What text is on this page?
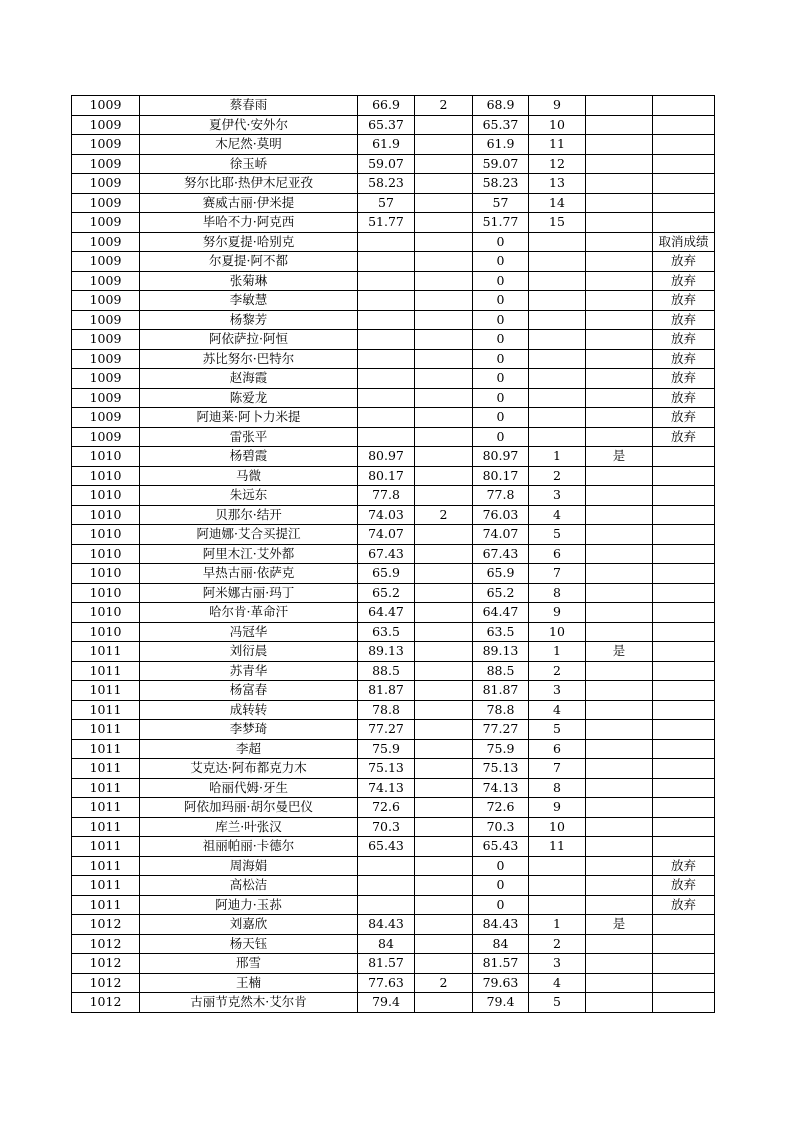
1009	蔡春雨	66.9	2	68.9	9		
1009	夏伊代·安外尔	65.37		65.37	10		
1009	木尼然·莫明	61.9		61.9	11		
1009	徐玉峤	59.07		59.07	12		
1009	努尔比耶·热伊木尼亚孜	58.23		58.23	13		
1009	赛威古丽·伊米提	57		57	14		
1009	毕哈不力·阿克西	51.77		51.77	15		
1009	努尔夏提·哈别克			0			取消成绩
1009	尔夏提·阿不都			0			放弃
1009	张菊琳			0			放弃
1009	李敏慧			0			放弃
1009	杨黎芳			0			放弃
1009	阿依萨拉·阿恒			0			放弃
1009	苏比努尔·巴特尔			0			放弃
1009	赵海霞			0			放弃
1009	陈爱龙			0			放弃
1009	阿迪莱·阿卜力米提			0			放弃
1009	雷张平			0			放弃
1010	杨碧霞	80.97		80.97	1	是	
1010	马微	80.17		80.17	2		
1010	朱远东	77.8		77.8	3		
1010	贝那尔·结开	74.03	2	76.03	4		
1010	阿迪娜·艾合买提江	74.07		74.07	5		
1010	阿里木江·艾外都	67.43		67.43	6		
1010	早热古丽·依萨克	65.9		65.9	7		
1010	阿米娜古丽·玛丁	65.2		65.2	8		
1010	哈尔肯·革命汗	64.47		64.47	9		
1010	冯冠华	63.5		63.5	10		
1011	刘衍晨	89.13		89.13	1	是	
1011	苏青华	88.5		88.5	2		
1011	杨富春	81.87		81.87	3		
1011	成转转	78.8		78.8	4		
1011	李梦琦	77.27		77.27	5		
1011	李超	75.9		75.9	6		
1011	艾克达·阿布都克力木	75.13		75.13	7		
1011	哈丽代姆·牙生	74.13		74.13	8		
1011	阿依加玛丽·胡尔曼巴仪	72.6		72.6	9		
1011	库兰·叶张汉	70.3		70.3	10		
1011	祖丽帕丽·卡德尔	65.43		65.43	11		
1011	周海娟			0			放弃
1011	高松洁			0			放弃
1011	阿迪力·玉荪			0			放弃
1012	刘嘉欣	84.43		84.43	1	是	
1012	杨天钰	84		84	2		
1012	邢雪	81.57		81.57	3		
1012	王楠	77.63	2	79.63	4		
1012	古丽节克然木·艾尔肯	79.4		79.4	5		
